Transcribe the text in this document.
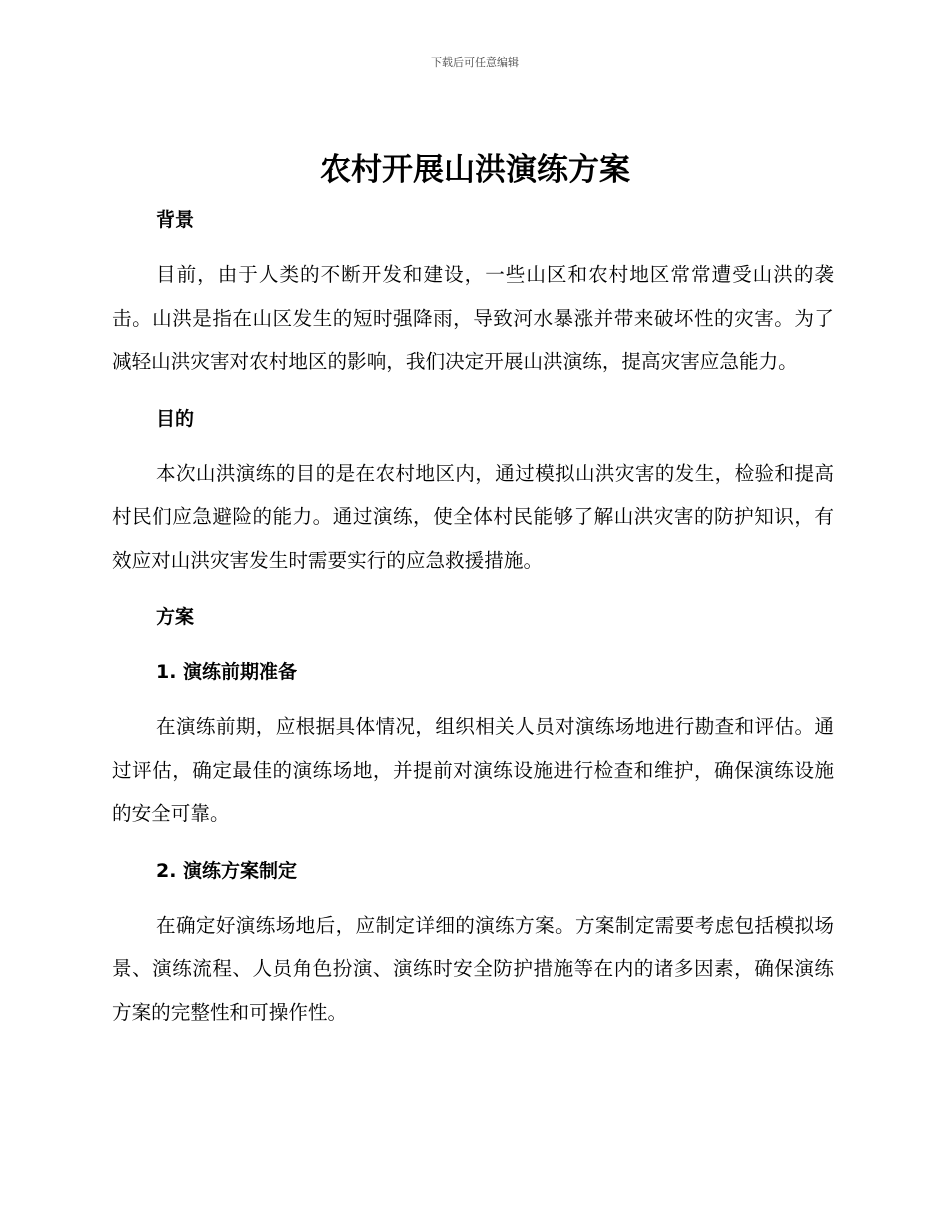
下载后可任意编辑
农村开展山洪演练方案
背景

目前，由于人类的不断开发和建设，一些山区和农村地区常常遭受山洪的袭击。山洪是指在山区发生的短时强降雨，导致河水暴涨并带来破坏性的灾害。为了减轻山洪灾害对农村地区的影响，我们决定开展山洪演练，提高灾害应急能力。

目的

本次山洪演练的目的是在农村地区内，通过模拟山洪灾害的发生，检验和提高村民们应急避险的能力。通过演练，使全体村民能够了解山洪灾害的防护知识，有效应对山洪灾害发生时需要实行的应急救援措施。

方案
1. 演练前期准备

在演练前期，应根据具体情况，组织相关人员对演练场地进行勘查和评估。通过评估，确定最佳的演练场地，并提前对演练设施进行检查和维护，确保演练设施的安全可靠。

2. 演练方案制定

在确定好演练场地后，应制定详细的演练方案。方案制定需要考虑包括模拟场景、演练流程、人员角色扮演、演练时安全防护措施等在内的诸多因素，确保演练方案的完整性和可操作性。
